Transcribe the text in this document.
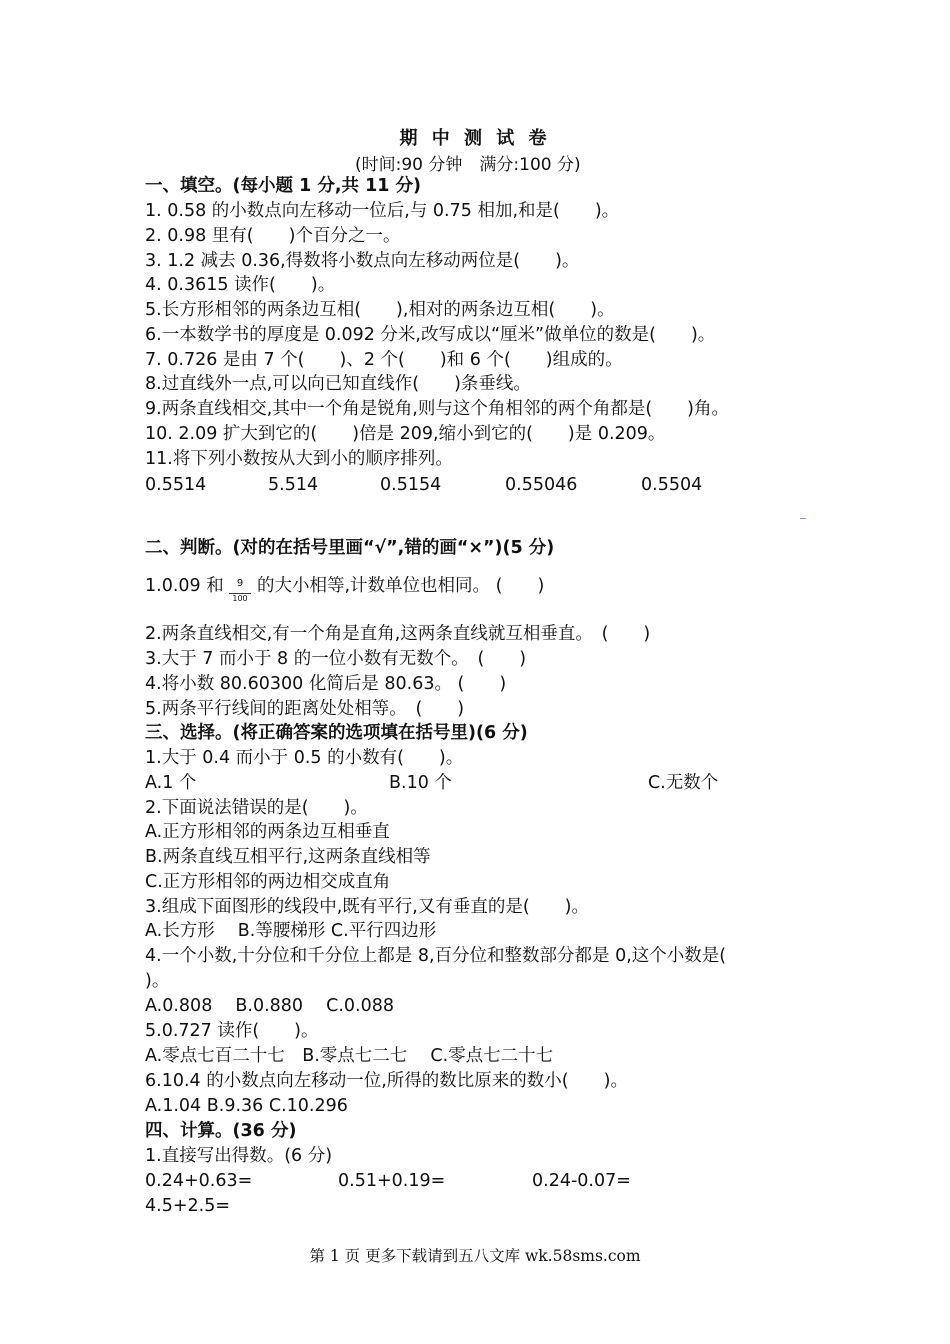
期 中 测 试 卷
(时间:90 分钟　满分:100 分)
一、填空。(每小题 1 分,共 11 分)
1. 0.58 的小数点向左移动一位后,与 0.75 相加,和是(　　)。
2. 0.98 里有(　　)个百分之一。
3. 1.2 减去 0.36,得数将小数点向左移动两位是(　　)。
4. 0.3615 读作(　　)。
5.长方形相邻的两条边互相(　　),相对的两条边互相(　　)。
6.一本数学书的厚度是 0.092 分米,改写成以“厘米”做单位的数是(　　)。
7. 0.726 是由 7 个(　　)、2 个(　　)和 6 个(　　)组成的。
8.过直线外一点,可以向已知直线作(　　)条垂线。
9.两条直线相交,其中一个角是锐角,则与这个角相邻的两个角都是(　　)角。
10. 2.09 扩大到它的(　　)倍是 209,缩小到它的(　　)是 0.209。
11.将下列小数按从大到小的顺序排列。
0.5514	5.514	0.5154	0.55046	0.5504
二、判断。(对的在括号里画“√”,错的画“×”)(5 分)
1.0.09 和	9
100
的大小相等,计数单位也相同。 (　　)
2.两条直线相交,有一个角是直角,这两条直线就互相垂直。　(　　)
3.大于 7 而小于 8 的一位小数有无数个。　(　　)
4.将小数 80.60300 化简后是 80.63。 (　　)
5.两条平行线间的距离处处相等。　(　　)
三、选择。(将正确答案的选项填在括号里)(6 分)
1.大于 0.4 而小于 0.5 的小数有(　　)。
A.1 个	B.10 个	C.无数个
2.下面说法错误的是(　　)。
A.正方形相邻的两条边互相垂直
B.两条直线互相平行,这两条直线相等
C.正方形相邻的两边相交成直角
3.组成下面图形的线段中,既有平行,又有垂直的是(　　)。
A.长方形　 B.等腰梯形 C.平行四边形
4.一个小数,十分位和千分位上都是 8,百分位和整数部分都是 0,这个小数是(
)。
A.0.808　 B.0.880　 C.0.088
5.0.727 读作(　　)。
A.零点七百二十七　B.零点七二七　 C.零点七二十七
6.10.4 的小数点向左移动一位,所得的数比原来的数小(　　)。
A.1.04 B.9.36 C.10.296
四、计算。(36 分)
1.直接写出得数。(6 分)
0.24+0.63=	0.51+0.19=	0.24-0.07=
4.5+2.5=
第 1 页 更多下载请到五八文库 wk.58sms.com
